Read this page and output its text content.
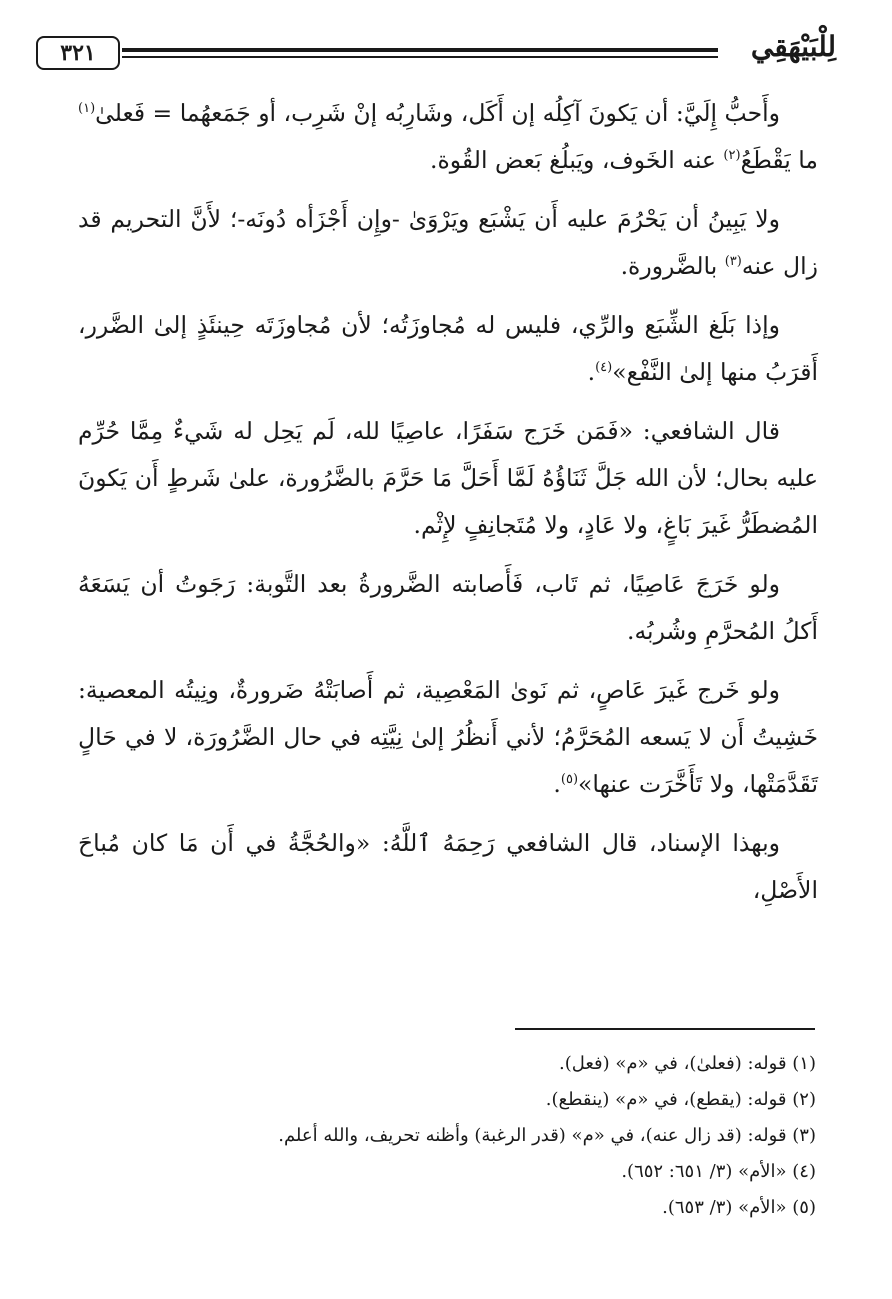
٣٢١	لِلْبَيْهَقِي

وأَحبُّ إِلَيَّ: أن يَكونَ آكِلُه إن أَكَل، وشَارِبُه إنْ شَرِب، أو جَمَعهُما = فَعلىٰ$^{(١)}$ ما يَقْطَعُ$^{(٢)}$ عنه الخَوف، ويَبلُغ بَعض القُوة.

ولا يَبِينُ أن يَحْرُمَ عليه أَن يَشْبَع ويَرْوَىٰ -وإِن أَجْزَأه دُونَه-؛ لأَنَّ التحريم قد زال عنه$^{(٣)}$ بالضَّرورة.

وإذا بَلَغ الشِّبَع والرِّي، فليس له مُجاوزَتُه؛ لأن مُجاوزَتَه حِينئَذٍ إلىٰ الضَّرر، أَقرَبُ منها إلىٰ النَّفْع»$^{(٤)}$.

قال الشافعي: «فَمَن خَرَج سَفَرًا، عاصِيًا لله، لَم يَحِل له شَيءٌ مِمَّا حُرِّم عليه بحال؛ لأن الله جَلَّ ثَنَاؤُهُ لَمَّا أَحَلَّ مَا حَرَّمَ بالضَّرُورة، علىٰ شَرطٍ أَن يَكونَ المُضطَرُّ غَيرَ بَاغٍ، ولا عَادٍ، ولا مُتَجانِفٍ لإِثْم.

ولو خَرَجَ عَاصِيًا، ثم تَاب، فَأَصابته الضَّرورةُ بعد التَّوبة: رَجَوتُ أن يَسَعَهُ أَكلُ المُحرَّمِ وشُربُه.

ولو خَرج غَيرَ عَاصٍ، ثم نَوىٰ المَعْصِية، ثم أَصابَتْهُ ضَرورةٌ، ونِيتُه المعصية: خَشِيتُ أَن لا يَسعه المُحَرَّمُ؛ لأني أَنظُرُ إلىٰ نِيَّتِه في حال الضَّرُورَة، لا في حَالٍ تَقَدَّمَتْها، ولا تَأَخَّرَت عنها»$^{(٥)}$.

وبهذا الإسناد، قال الشافعي رَحِمَهُ ٱللَّهُ: «والحُجَّةُ في أَن مَا كان مُباحَ الأَصْلِ،

(١) قوله: (فعلىٰ)، في «م» (فعل).
(٢) قوله: (يقطع)، في «م» (ينقطع).
(٣) قوله: (قد زال عنه)، في «م» (قدر الرغبة) وأظنه تحريف، والله أعلم.
(٤) «الأم» (٣/ ٦٥١: ٦٥٢).
(٥) «الأم» (٣/ ٦٥٣).
